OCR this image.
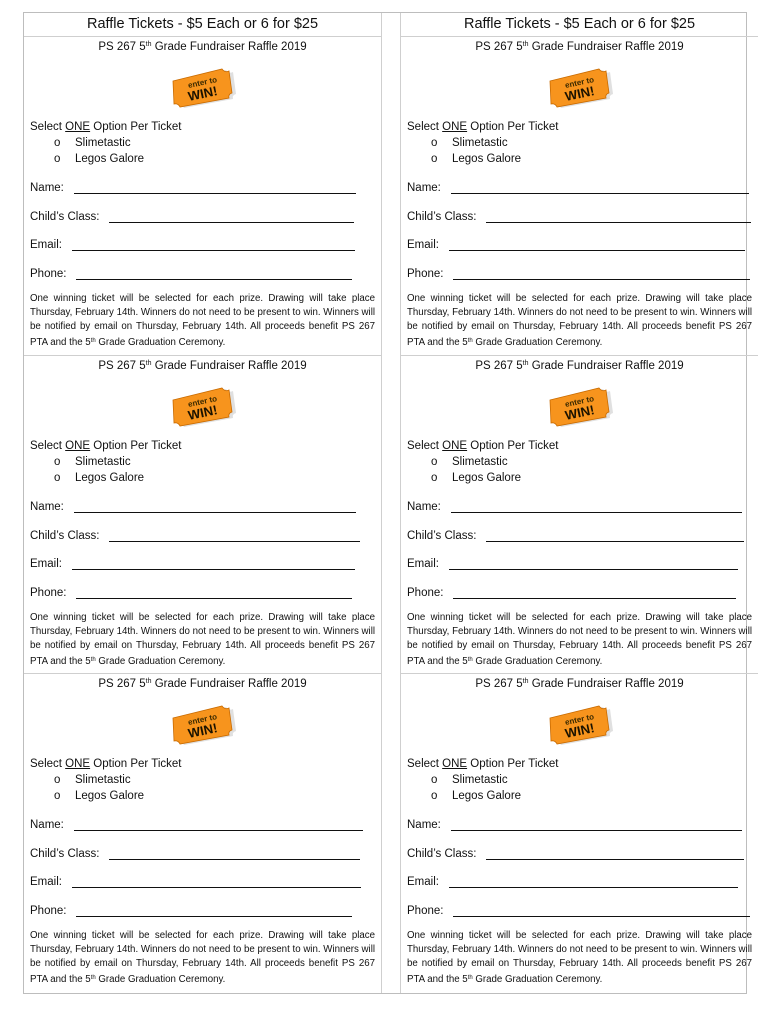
Raffle Tickets - $5 Each or 6 for $25
PS 267 5th Grade Fundraiser Raffle 2019
Select ONE Option Per Ticket
o Slimetastic
o Legos Galore
Name:
Child’s Class:
Email:
Phone:
One winning ticket will be selected for each prize. Drawing will take place Thursday, February 14th. Winners do not need to be present to win. Winners will be notified by email on Thursday, February 14th. All proceeds benefit PS 267 PTA and the 5th Grade Graduation Ceremony.
PS 267 5th Grade Fundraiser Raffle 2019
Select ONE Option Per Ticket
o Slimetastic
o Legos Galore
Name:
Child’s Class:
Email:
Phone:
One winning ticket will be selected for each prize. Drawing will take place Thursday, February 14th. Winners do not need to be present to win. Winners will be notified by email on Thursday, February 14th. All proceeds benefit PS 267 PTA and the 5th Grade Graduation Ceremony.
PS 267 5th Grade Fundraiser Raffle 2019
Select ONE Option Per Ticket
o Slimetastic
o Legos Galore
Name:
Child’s Class:
Email:
Phone:
One winning ticket will be selected for each prize. Drawing will take place Thursday, February 14th. Winners do not need to be present to win. Winners will be notified by email on Thursday, February 14th. All proceeds benefit PS 267 PTA and the 5th Grade Graduation Ceremony.
Raffle Tickets - $5 Each or 6 for $25
PS 267 5th Grade Fundraiser Raffle 2019
Select ONE Option Per Ticket
o Slimetastic
o Legos Galore
Name:
Child’s Class:
Email:
Phone:
One winning ticket will be selected for each prize. Drawing will take place Thursday, February 14th. Winners do not need to be present to win. Winners will be notified by email on Thursday, February 14th. All proceeds benefit PS 267 PTA and the 5th Grade Graduation Ceremony.
PS 267 5th Grade Fundraiser Raffle 2019
Select ONE Option Per Ticket
o Slimetastic
o Legos Galore
Name:
Child’s Class:
Email:
Phone:
One winning ticket will be selected for each prize. Drawing will take place Thursday, February 14th. Winners do not need to be present to win. Winners will be notified by email on Thursday, February 14th. All proceeds benefit PS 267 PTA and the 5th Grade Graduation Ceremony.
PS 267 5th Grade Fundraiser Raffle 2019
Select ONE Option Per Ticket
o Slimetastic
o Legos Galore
Name:
Child’s Class:
Email:
Phone:
One winning ticket will be selected for each prize. Drawing will take place Thursday, February 14th. Winners do not need to be present to win. Winners will be notified by email on Thursday, February 14th. All proceeds benefit PS 267 PTA and the 5th Grade Graduation Ceremony.
